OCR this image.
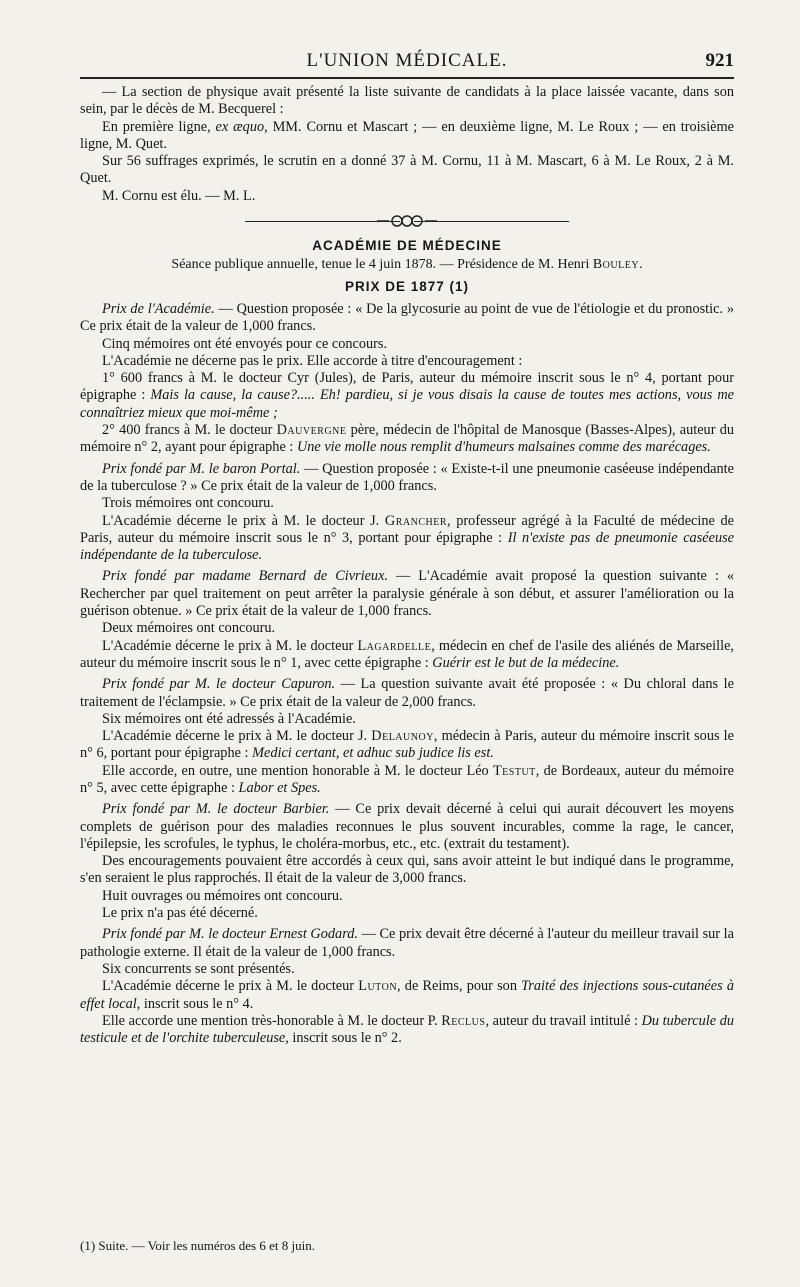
L'UNION MÉDICALE.	921

— La section de physique avait présenté la liste suivante de candidats à la place laissée vacante, dans son sein, par le décès de M. Becquerel :

En première ligne, ex æquo, MM. Cornu et Mascart ; — en deuxième ligne, M. Le Roux ; — en troisième ligne, M. Quet.

Sur 56 suffrages exprimés, le scrutin en a donné 37 à M. Cornu, 11 à M. Mascart, 6 à M. Le Roux, 2 à M. Quet.

M. Cornu est élu. — M. L.

ACADÉMIE DE MÉDECINE
Séance publique annuelle, tenue le 4 juin 1878. — Présidence de M. Henri Bouley.
PRIX DE 1877 (1)

Prix de l'Académie. — Question proposée : « De la glycosurie au point de vue de l'étiologie et du pronostic. » Ce prix était de la valeur de 1,000 francs.

Cinq mémoires ont été envoyés pour ce concours.

L'Académie ne décerne pas le prix. Elle accorde à titre d'encouragement :

1° 600 francs à M. le docteur Cyr (Jules), de Paris, auteur du mémoire inscrit sous le n° 4, portant pour épigraphe : Mais la cause, la cause?..... Eh! pardieu, si je vous disais la cause de toutes mes actions, vous me connaîtriez mieux que moi-même ;

2° 400 francs à M. le docteur Dauvergne père, médecin de l'hôpital de Manosque (Basses-Alpes), auteur du mémoire n° 2, ayant pour épigraphe : Une vie molle nous remplit d'humeurs malsaines comme des marécages.

Prix fondé par M. le baron Portal. — Question proposée : « Existe-t-il une pneumonie caséeuse indépendante de la tuberculose ? » Ce prix était de la valeur de 1,000 francs.

Trois mémoires ont concouru.

L'Académie décerne le prix à M. le docteur J. Grancher, professeur agrégé à la Faculté de médecine de Paris, auteur du mémoire inscrit sous le n° 3, portant pour épigraphe : Il n'existe pas de pneumonie caséeuse indépendante de la tuberculose.

Prix fondé par madame Bernard de Civrieux. — L'Académie avait proposé la question suivante : « Rechercher par quel traitement on peut arrêter la paralysie générale à son début, et assurer l'amélioration ou la guérison obtenue. » Ce prix était de la valeur de 1,000 francs.

Deux mémoires ont concouru.

L'Académie décerne le prix à M. le docteur Lagardelle, médecin en chef de l'asile des aliénés de Marseille, auteur du mémoire inscrit sous le n° 1, avec cette épigraphe : Guérir est le but de la médecine.

Prix fondé par M. le docteur Capuron. — La question suivante avait été proposée : « Du chloral dans le traitement de l'éclampsie. » Ce prix était de la valeur de 2,000 francs.

Six mémoires ont été adressés à l'Académie.

L'Académie décerne le prix à M. le docteur J. Delaunoy, médecin à Paris, auteur du mémoire inscrit sous le n° 6, portant pour épigraphe : Medici certant, et adhuc sub judice lis est.

Elle accorde, en outre, une mention honorable à M. le docteur Léo Testut, de Bordeaux, auteur du mémoire n° 5, avec cette épigraphe : Labor et Spes.

Prix fondé par M. le docteur Barbier. — Ce prix devait décerné à celui qui aurait découvert les moyens complets de guérison pour des maladies reconnues le plus souvent incurables, comme la rage, le cancer, l'épilepsie, les scrofules, le typhus, le choléra-morbus, etc., etc. (extrait du testament).

Des encouragements pouvaient être accordés à ceux qui, sans avoir atteint le but indiqué dans le programme, s'en seraient le plus rapprochés. Il était de la valeur de 3,000 francs.

Huit ouvrages ou mémoires ont concouru.

Le prix n'a pas été décerné.

Prix fondé par M. le docteur Ernest Godard. — Ce prix devait être décerné à l'auteur du meilleur travail sur la pathologie externe. Il était de la valeur de 1,000 francs.

Six concurrents se sont présentés.

L'Académie décerne le prix à M. le docteur Luton, de Reims, pour son Traité des injections sous-cutanées à effet local, inscrit sous le n° 4.

Elle accorde une mention très-honorable à M. le docteur P. Reclus, auteur du travail intitulé : Du tubercule du testicule et de l'orchite tuberculeuse, inscrit sous le n° 2.

(1) Suite. — Voir les numéros des 6 et 8 juin.
